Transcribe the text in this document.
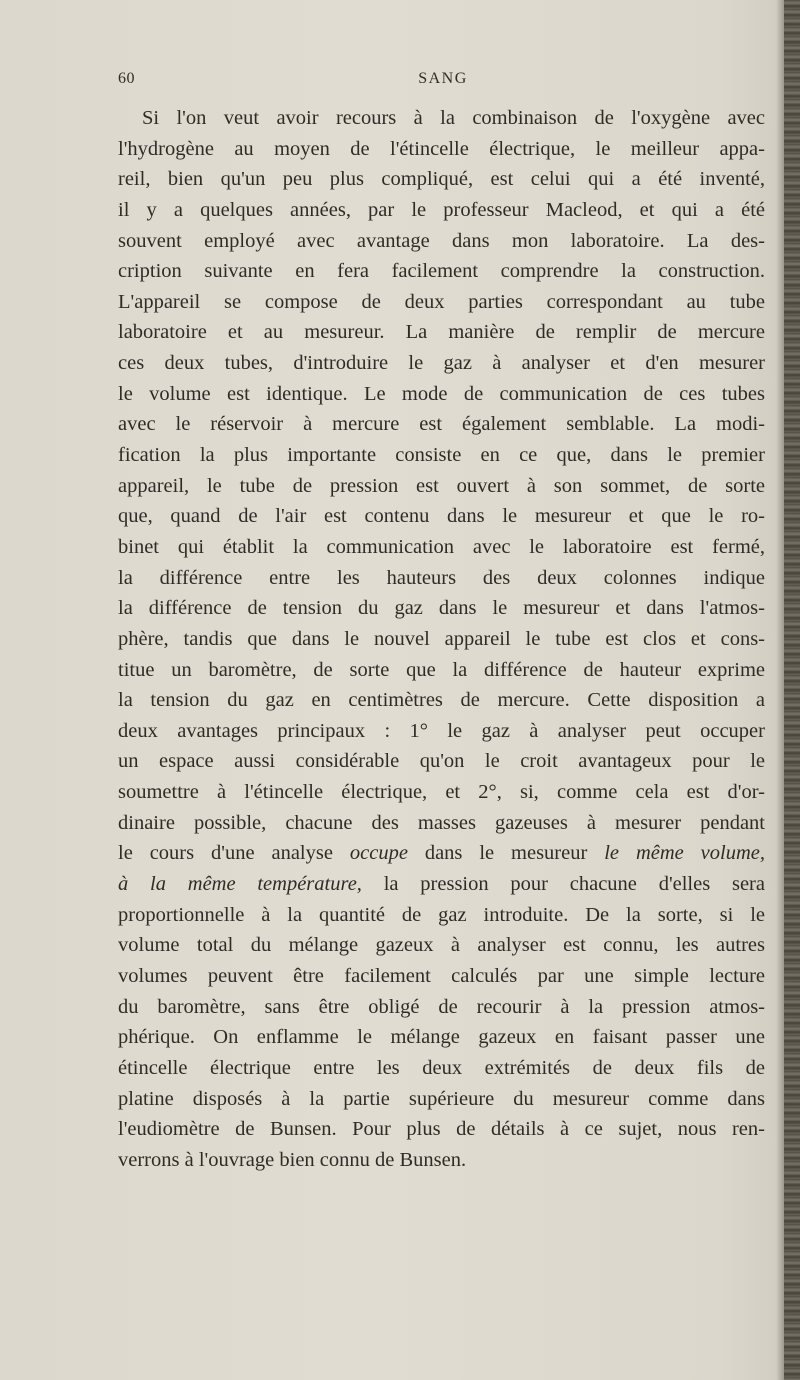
60	SANG
Si l'on veut avoir recours à la combinaison de l'oxygène avec
l'hydrogène au moyen de l'étincelle électrique, le meilleur appa-
reil, bien qu'un peu plus compliqué, est celui qui a été inventé,
il y a quelques années, par le professeur Macleod, et qui a été
souvent employé avec avantage dans mon laboratoire. La des-
cription suivante en fera facilement comprendre la construction.
L'appareil se compose de deux parties correspondant au tube
laboratoire et au mesureur. La manière de remplir de mercure
ces deux tubes, d'introduire le gaz à analyser et d'en mesurer
le volume est identique. Le mode de communication de ces tubes
avec le réservoir à mercure est également semblable. La modi-
fication la plus importante consiste en ce que, dans le premier
appareil, le tube de pression est ouvert à son sommet, de sorte
que, quand de l'air est contenu dans le mesureur et que le ro-
binet qui établit la communication avec le laboratoire est fermé,
la différence entre les hauteurs des deux colonnes indique
la différence de tension du gaz dans le mesureur et dans l'atmos-
phère, tandis que dans le nouvel appareil le tube est clos et cons-
titue un baromètre, de sorte que la différence de hauteur exprime
la tension du gaz en centimètres de mercure. Cette disposition a
deux avantages principaux : 1° le gaz à analyser peut occuper
un espace aussi considérable qu'on le croit avantageux pour le
soumettre à l'étincelle électrique, et 2°, si, comme cela est d'or-
dinaire possible, chacune des masses gazeuses à mesurer pendant
le cours d'une analyse occupe dans le mesureur le même volume,
à la même température, la pression pour chacune d'elles sera
proportionnelle à la quantité de gaz introduite. De la sorte, si le
volume total du mélange gazeux à analyser est connu, les autres
volumes peuvent être facilement calculés par une simple lecture
du baromètre, sans être obligé de recourir à la pression atmos-
phérique. On enflamme le mélange gazeux en faisant passer une
étincelle électrique entre les deux extrémités de deux fils de
platine disposés à la partie supérieure du mesureur comme dans
l'eudiomètre de Bunsen. Pour plus de détails à ce sujet, nous ren-
verrons à l'ouvrage bien connu de Bunsen.
